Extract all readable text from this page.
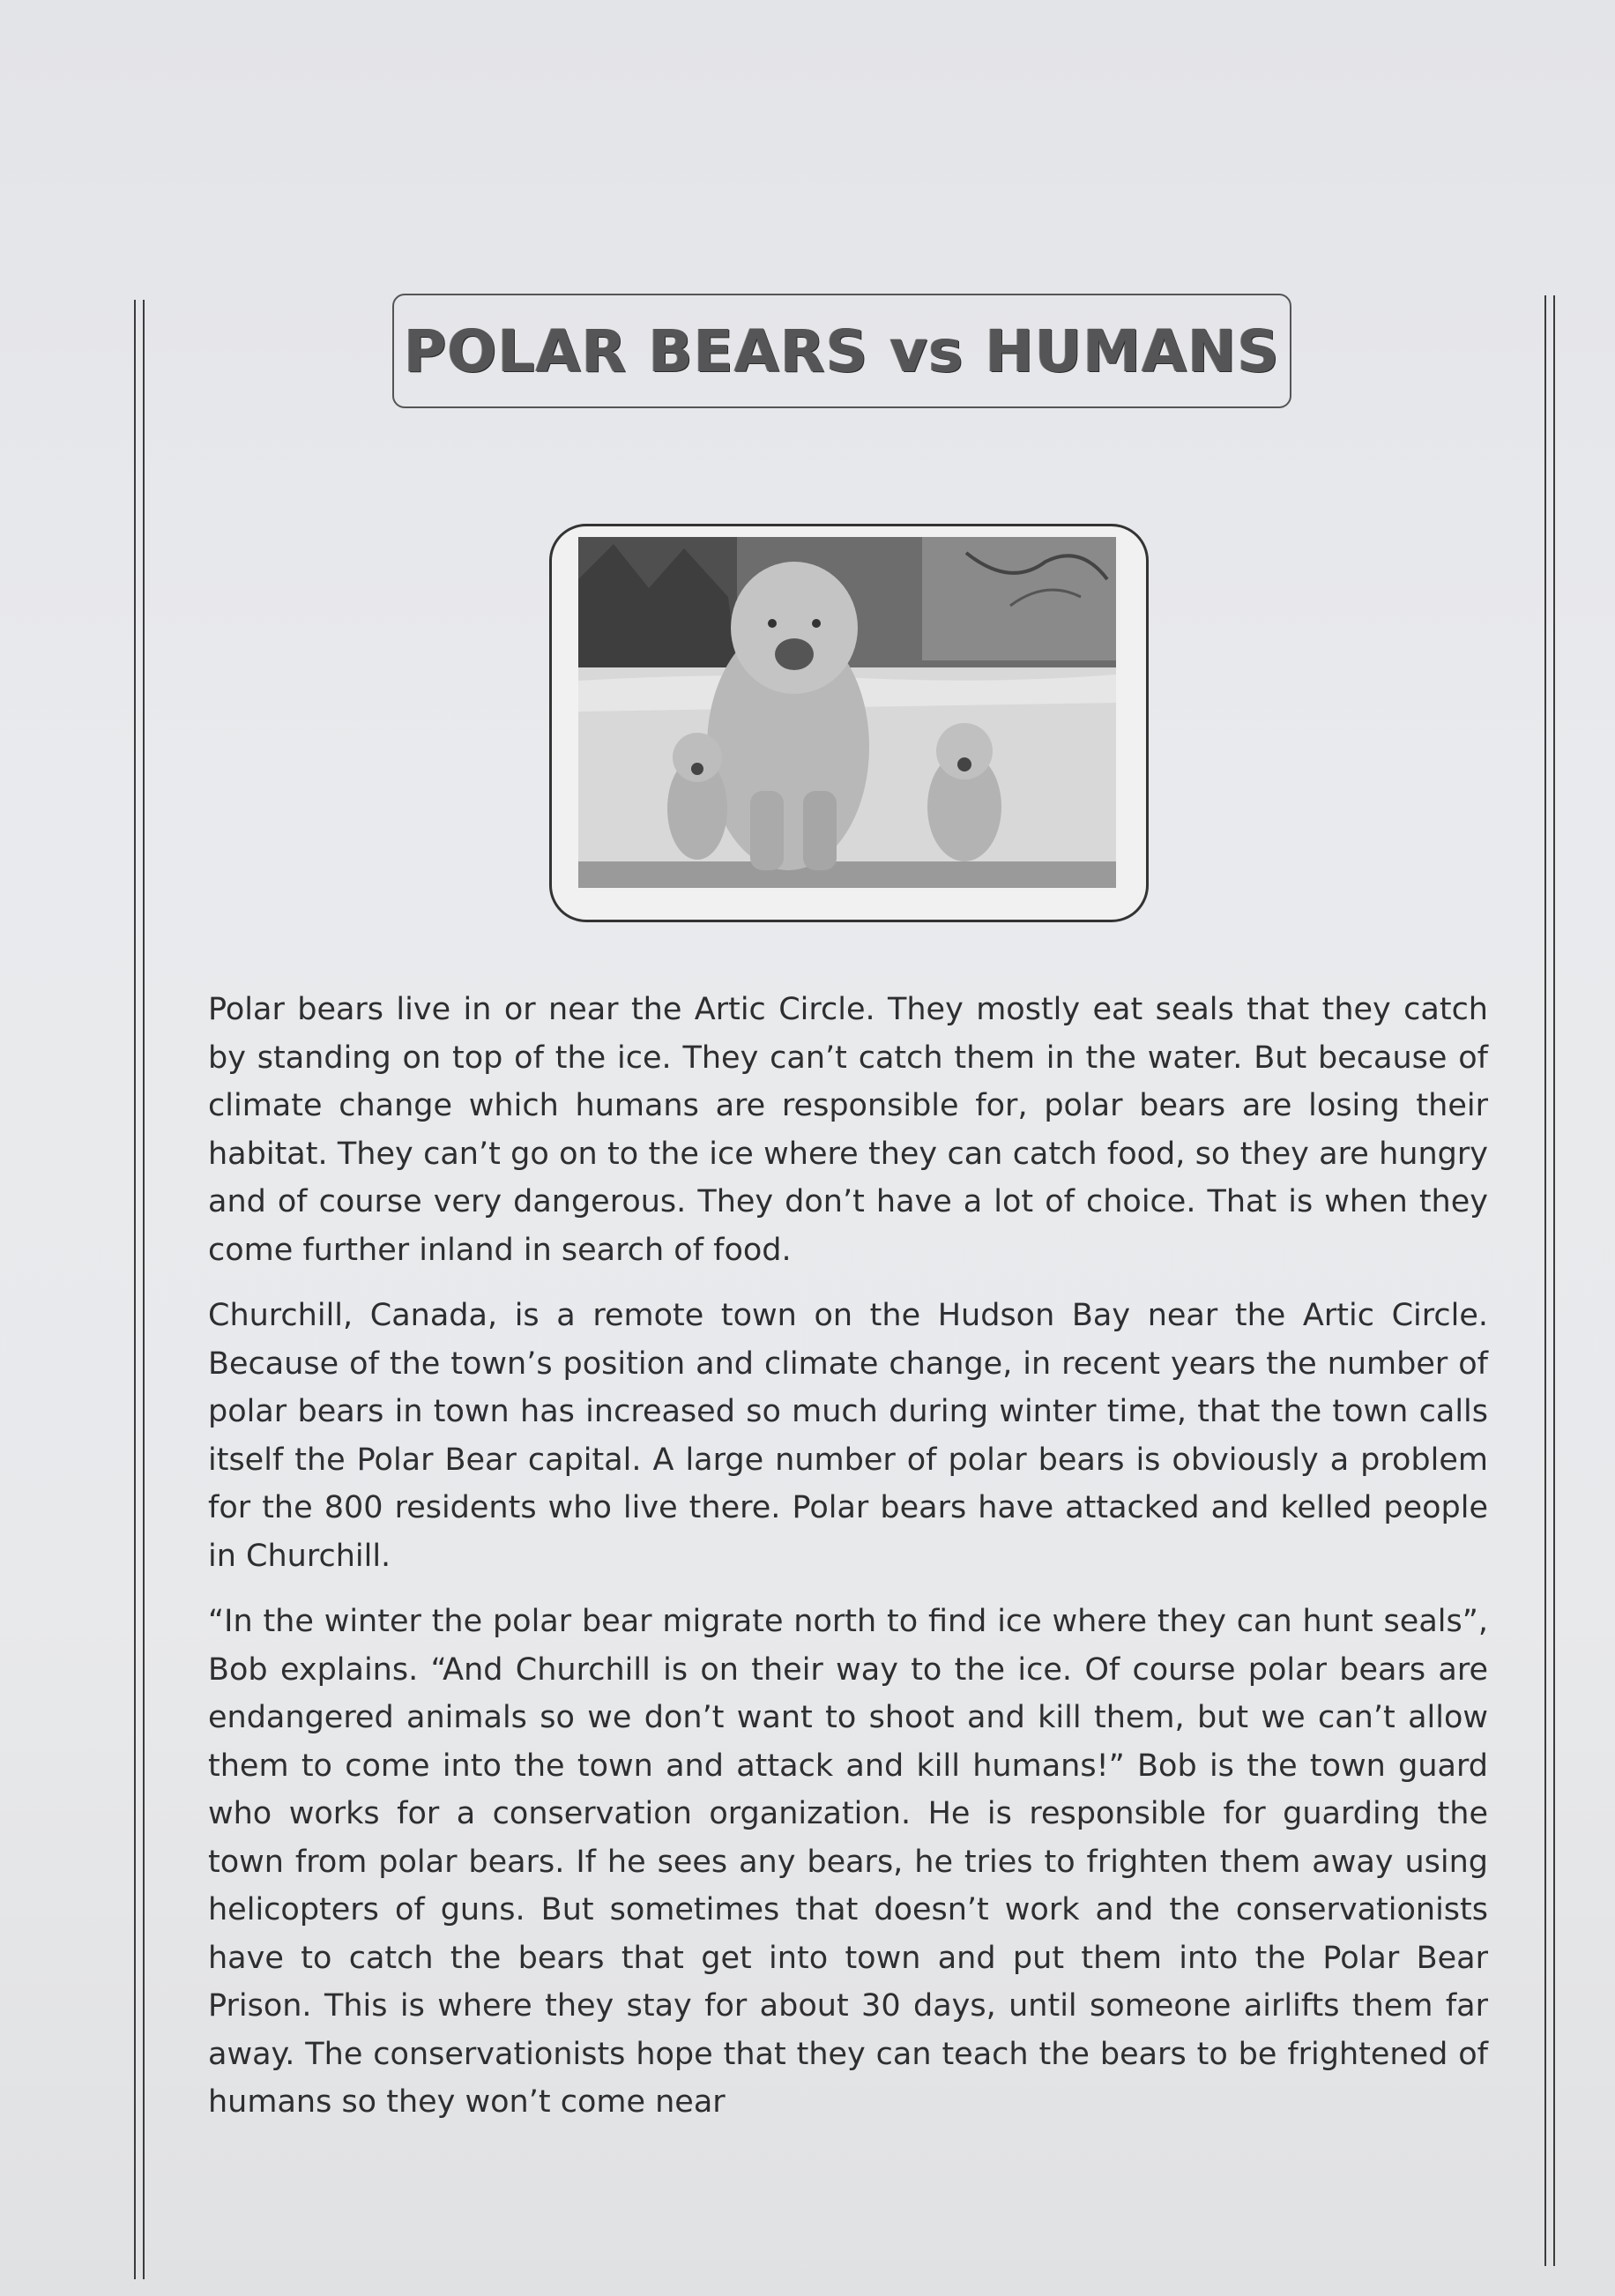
POLAR BEARS vs HUMANS

Polar bears live in or near the Artic Circle. They mostly eat seals that they catch by standing on top of the ice. They can’t catch them in the water. But because of climate change which humans are responsible for, polar bears are losing their habitat. They can’t go on to the ice where they can catch food, so they are hungry and of course very dangerous. They don’t have a lot of choice. That is when they come further inland in search of food.

Churchill, Canada, is a remote town on the Hudson Bay near the Artic Circle. Because of the town’s position and climate change, in recent years the number of polar bears in town has increased so much during winter time, that the town calls itself the Polar Bear capital. A large number of polar bears is obviously a problem for the 800 residents who live there. Polar bears have attacked and kelled people in Churchill.

“In the winter the polar bear migrate north to find ice where they can hunt seals”, Bob explains. “And Churchill is on their way to the ice. Of course polar bears are endangered animals so we don’t want to shoot and kill them, but we can’t allow them to come into the town and attack and kill humans!” Bob is the town guard who works for a conservation organization. He is responsible for guarding the town from polar bears. If he sees any bears, he tries to frighten them away using helicopters of guns. But sometimes that doesn’t work and the conservationists have to catch the bears that get into town and put them into the Polar Bear Prison. This is where they stay for about 30 days, until someone airlifts them far away. The conservationists hope that they can teach the bears to be frightened of humans so they won’t come near
